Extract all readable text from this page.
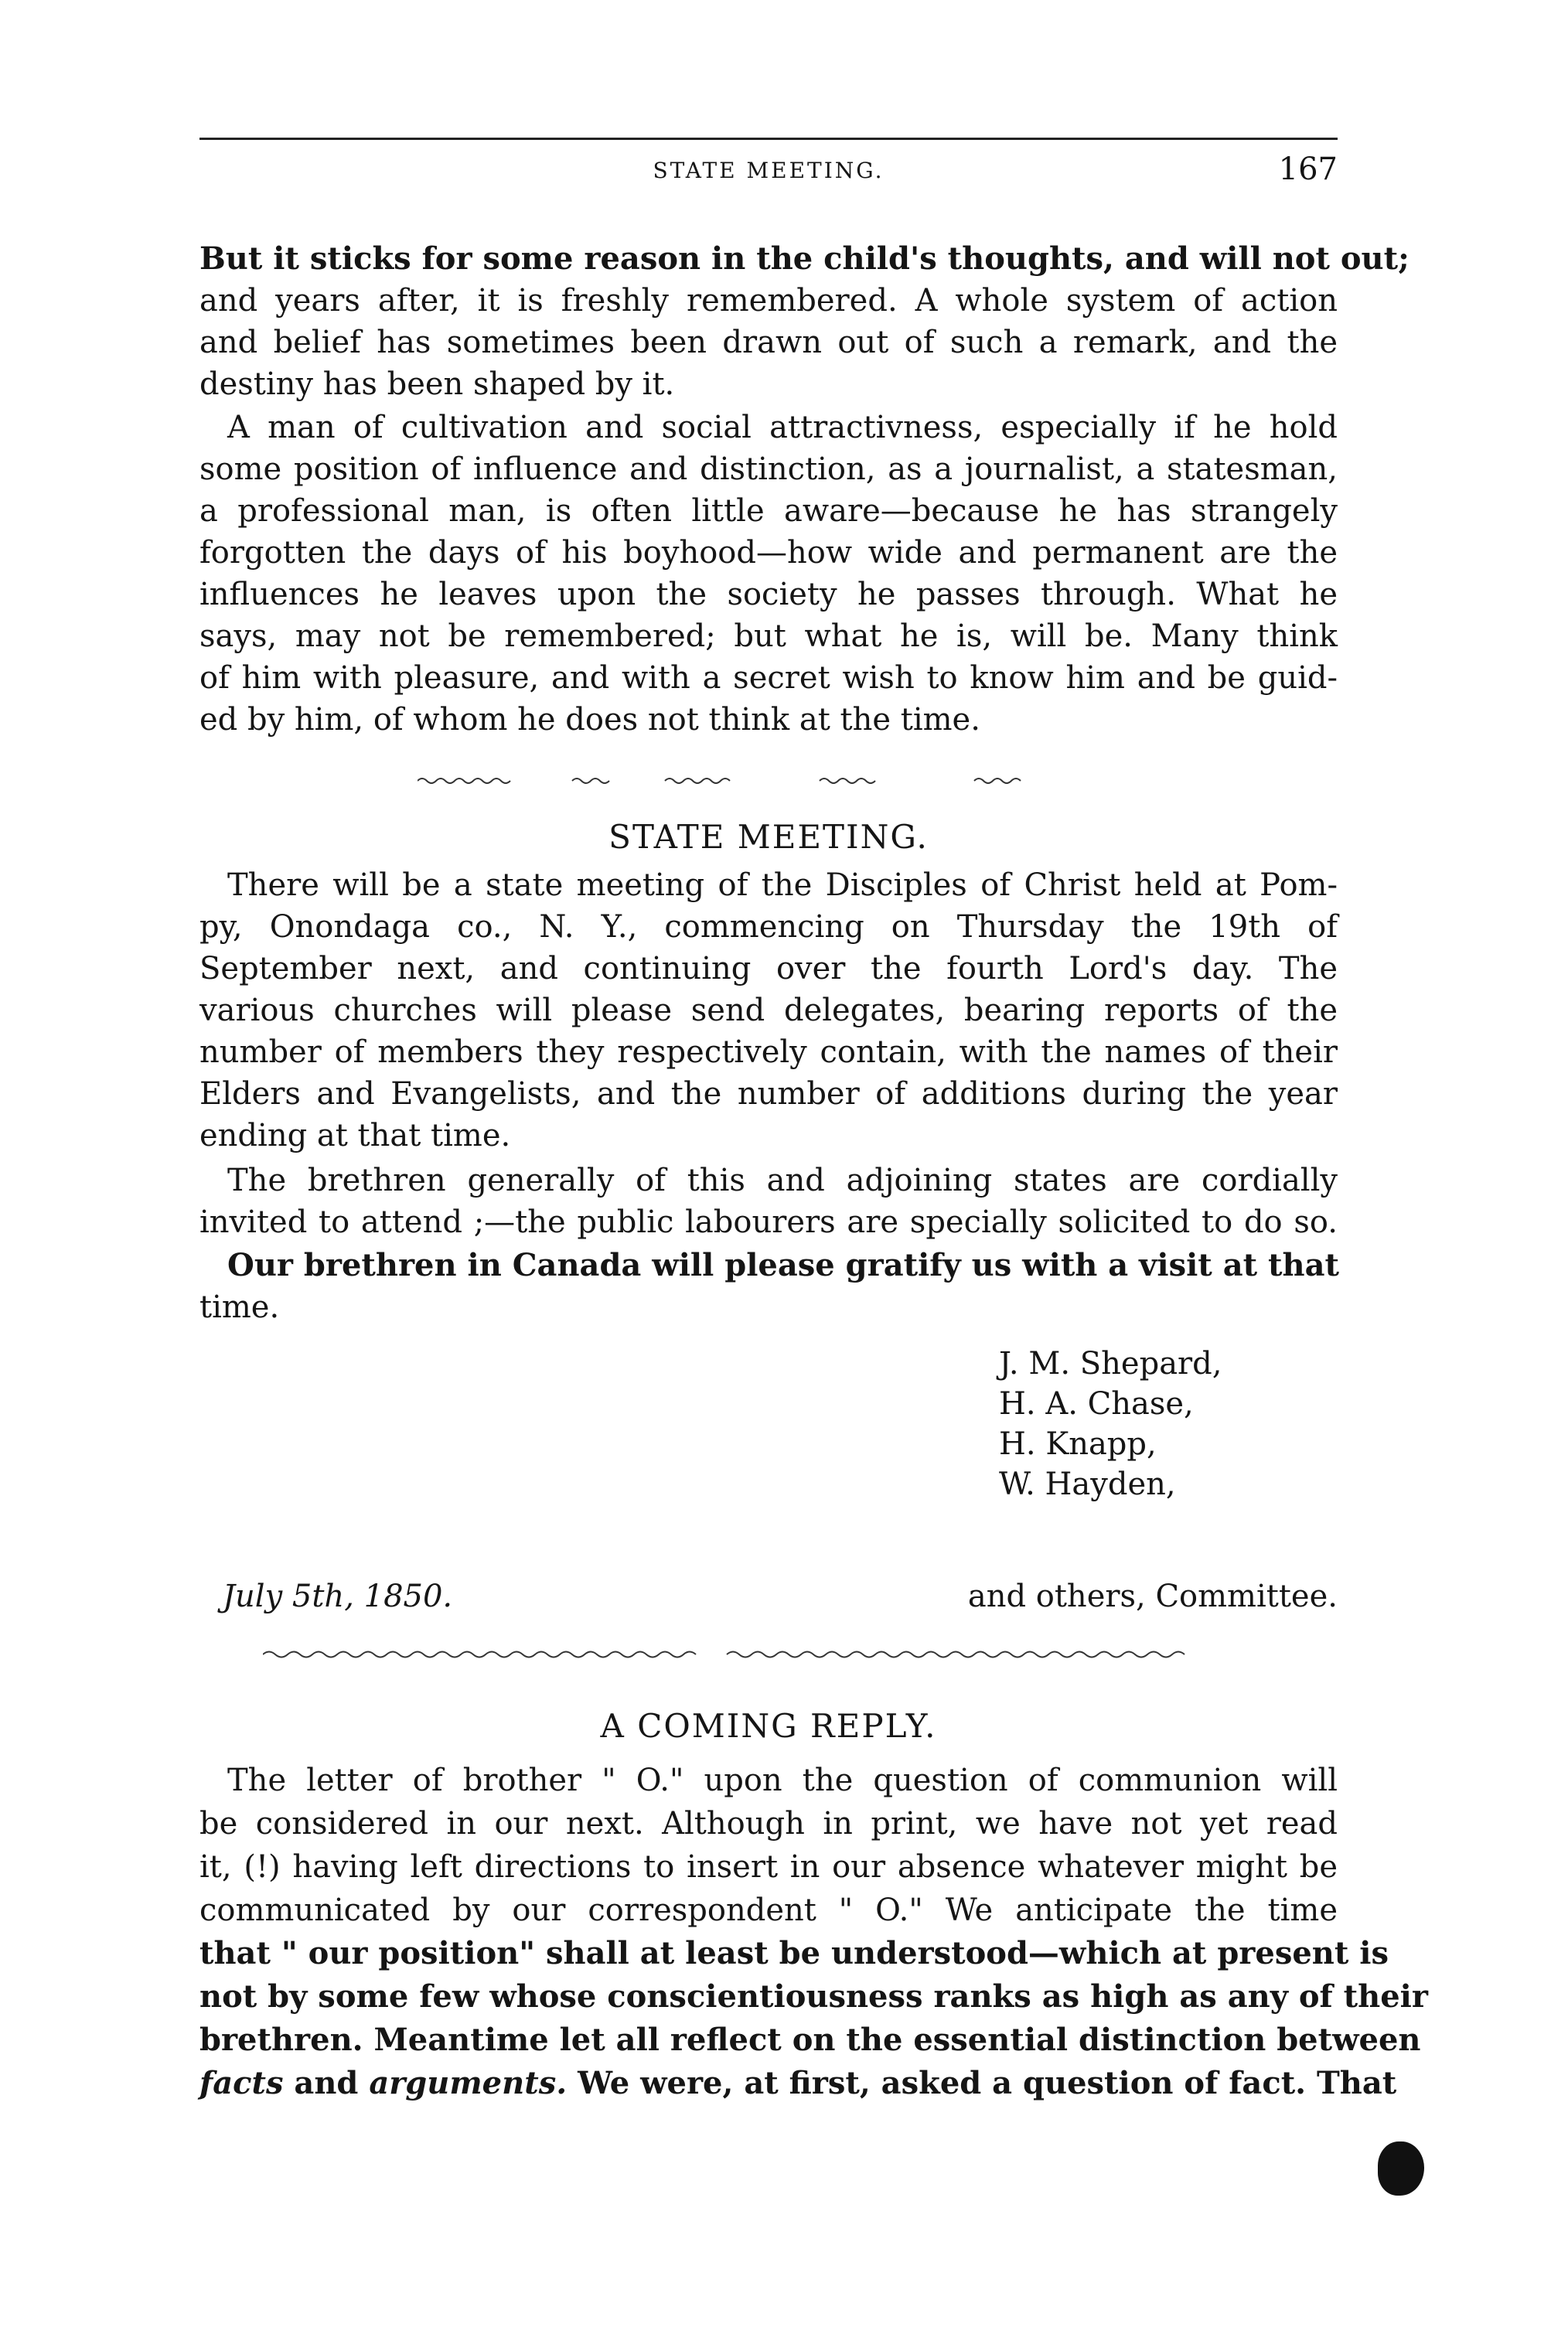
STATE MEETING.	167
But it sticks for some reason in the child's thoughts, and will not out;
and years after, it is freshly remembered. A whole system of action
and belief has sometimes been drawn out of such a remark, and the
destiny has been shaped by it.
A man of cultivation and social attractivness, especially if he hold
some position of influence and distinction, as a journalist, a statesman,
a professional man, is often little aware—because he has strangely
forgotten the days of his boyhood—how wide and permanent are the
influences he leaves upon the society he passes through. What he
says, may not be remembered; but what he is, will be. Many think
of him with pleasure, and with a secret wish to know him and be guid-
ed by him, of whom he does not think at the time.
STATE MEETING.
There will be a state meeting of the Disciples of Christ held at Pom-
py, Onondaga co., N. Y., commencing on Thursday the 19th of
September next, and continuing over the fourth Lord's day. The
various churches will please send delegates, bearing reports of the
number of members they respectively contain, with the names of their
Elders and Evangelists, and the number of additions during the year
ending at that time.
The brethren generally of this and adjoining states are cordially
invited to attend ;—the public labourers are specially solicited to do so.
Our brethren in Canada will please gratify us with a visit at that
time.
J. M. Shepard,
H. A. Chase,
H. Knapp,
W. Hayden,
July 5th, 1850.	and others, Committee.
A COMING REPLY.
The letter of brother " O." upon the question of communion will
be considered in our next. Although in print, we have not yet read
it, (!) having left directions to insert in our absence whatever might be
communicated by our correspondent " O." We anticipate the time
that " our position" shall at least be understood—which at present is
not by some few whose conscientiousness ranks as high as any of their
brethren. Meantime let all reflect on the essential distinction between
facts and arguments. We were, at first, asked a question of fact. That
